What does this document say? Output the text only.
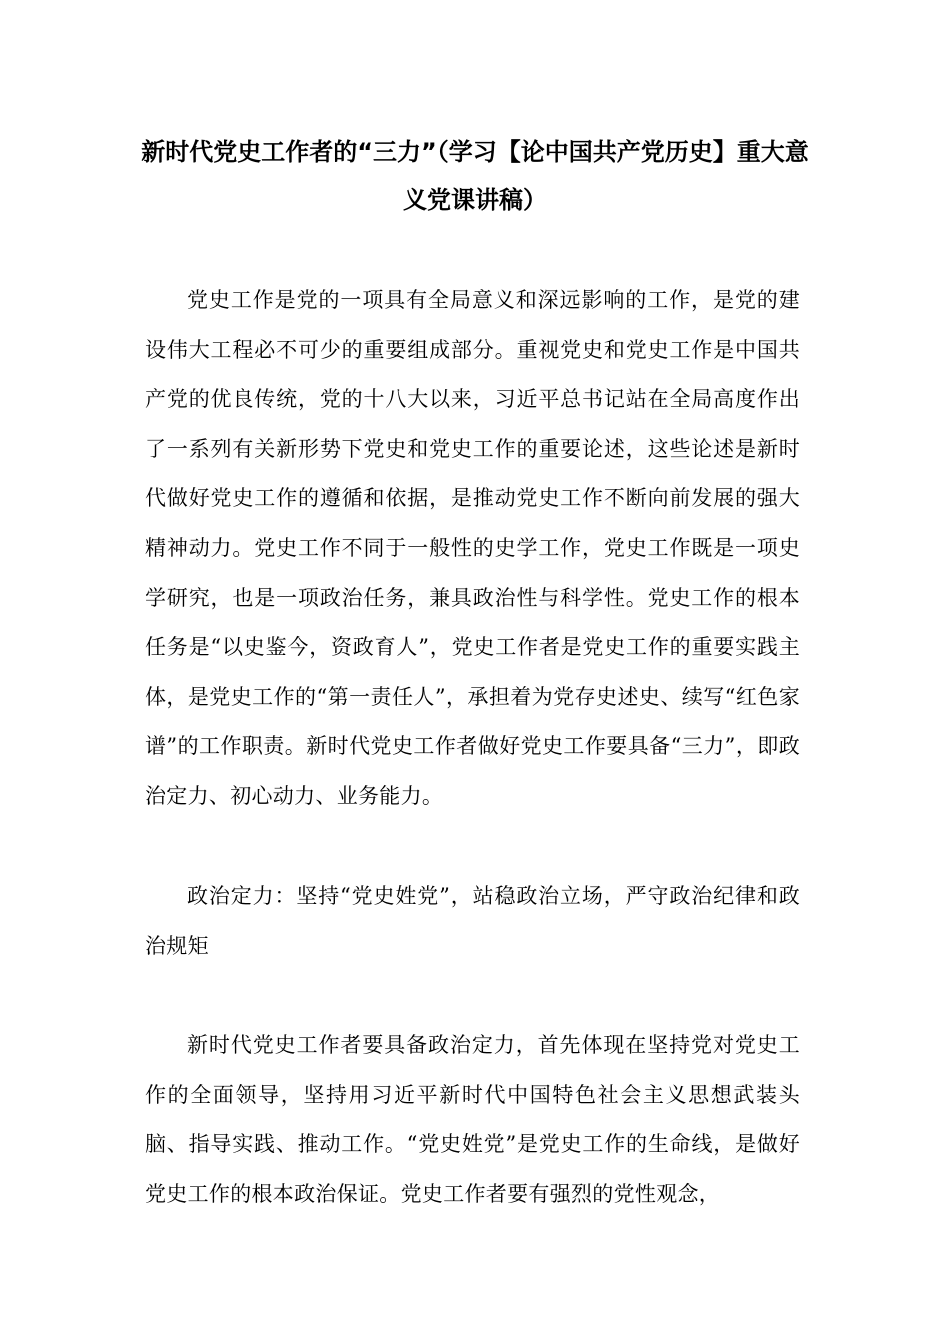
新时代党史工作者的“三力”（学习【论中国共产党历史】重大意义党课讲稿）

党史工作是党的一项具有全局意义和深远影响的工作，是党的建设伟大工程必不可少的重要组成部分。重视党史和党史工作是中国共产党的优良传统，党的十八大以来，习近平总书记站在全局高度作出了一系列有关新形势下党史和党史工作的重要论述，这些论述是新时代做好党史工作的遵循和依据，是推动党史工作不断向前发展的强大精神动力。党史工作不同于一般性的史学工作，党史工作既是一项史学研究，也是一项政治任务，兼具政治性与科学性。党史工作的根本任务是“以史鉴今，资政育人”，党史工作者是党史工作的重要实践主体，是党史工作的“第一责任人”，承担着为党存史述史、续写“红色家谱”的工作职责。新时代党史工作者做好党史工作要具备“三力”，即政治定力、初心动力、业务能力。

政治定力：坚持“党史姓党”，站稳政治立场，严守政治纪律和政治规矩

新时代党史工作者要具备政治定力，首先体现在坚持党对党史工作的全面领导，坚持用习近平新时代中国特色社会主义思想武装头脑、指导实践、推动工作。“党史姓党”是党史工作的生命线，是做好党史工作的根本政治保证。党史工作者要有强烈的党性观念，
